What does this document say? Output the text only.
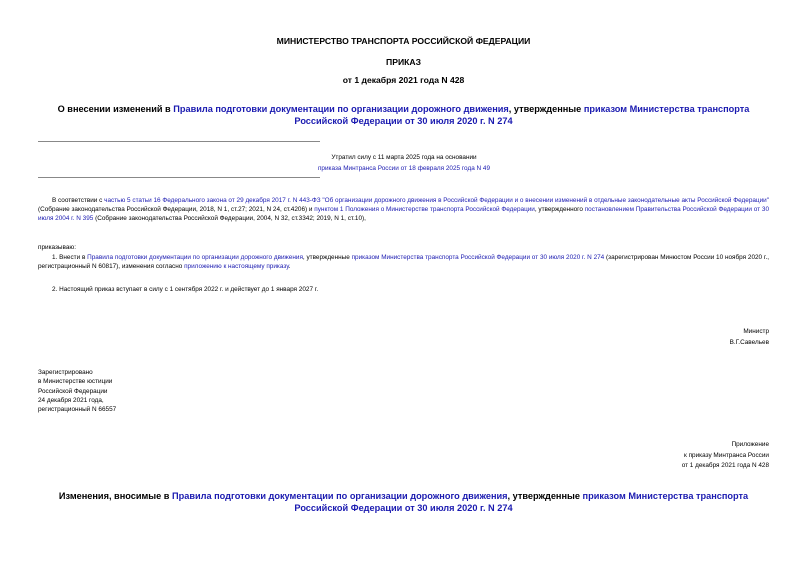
МИНИСТЕРСТВО ТРАНСПОРТА РОССИЙСКОЙ ФЕДЕРАЦИИ
ПРИКАЗ
от 1 декабря 2021 года N 428
О внесении изменений в Правила подготовки документации по организации дорожного движения, утвержденные приказом Министерства транспорта Российской Федерации от 30 июля 2020 г. N 274
Утратил силу с 11 марта 2025 года на основании
приказа Минтранса России от 18 февраля 2025 года N 49
В соответствии с частью 5 статьи 16 Федерального закона от 29 декабря 2017 г. N 443-ФЗ "Об организации дорожного движения в Российской Федерации и о внесении изменений в отдельные законодательные акты Российской Федерации" (Собрание законодательства Российской Федерации, 2018, N 1, ст.27; 2021, N 24, ст.4206) и пунктом 1 Положения о Министерстве транспорта Российской Федерации, утвержденного постановлением Правительства Российской Федерации от 30 июля 2004 г. N 395 (Собрание законодательства Российской Федерации, 2004, N 32, ст.3342; 2019, N 1, ст.10),
приказываю:
1. Внести в Правила подготовки документации по организации дорожного движения, утвержденные приказом Министерства транспорта Российской Федерации от 30 июля 2020 г. N 274 (зарегистрирован Минюстом России 10 ноября 2020 г., регистрационный N 60817), изменения согласно приложению к настоящему приказу.
2. Настоящий приказ вступает в силу с 1 сентября 2022 г. и действует до 1 января 2027 г.
Министр
В.Г.Савельев
Зарегистрировано
в Министерстве юстиции
Российской Федерации
24 декабря 2021 года,
регистрационный N 66557
Приложение
к приказу Минтранса России
от 1 декабря 2021 года N 428
Изменения, вносимые в Правила подготовки документации по организации дорожного движения, утвержденные приказом Министерства транспорта Российской Федерации от 30 июля 2020 г. N 274
